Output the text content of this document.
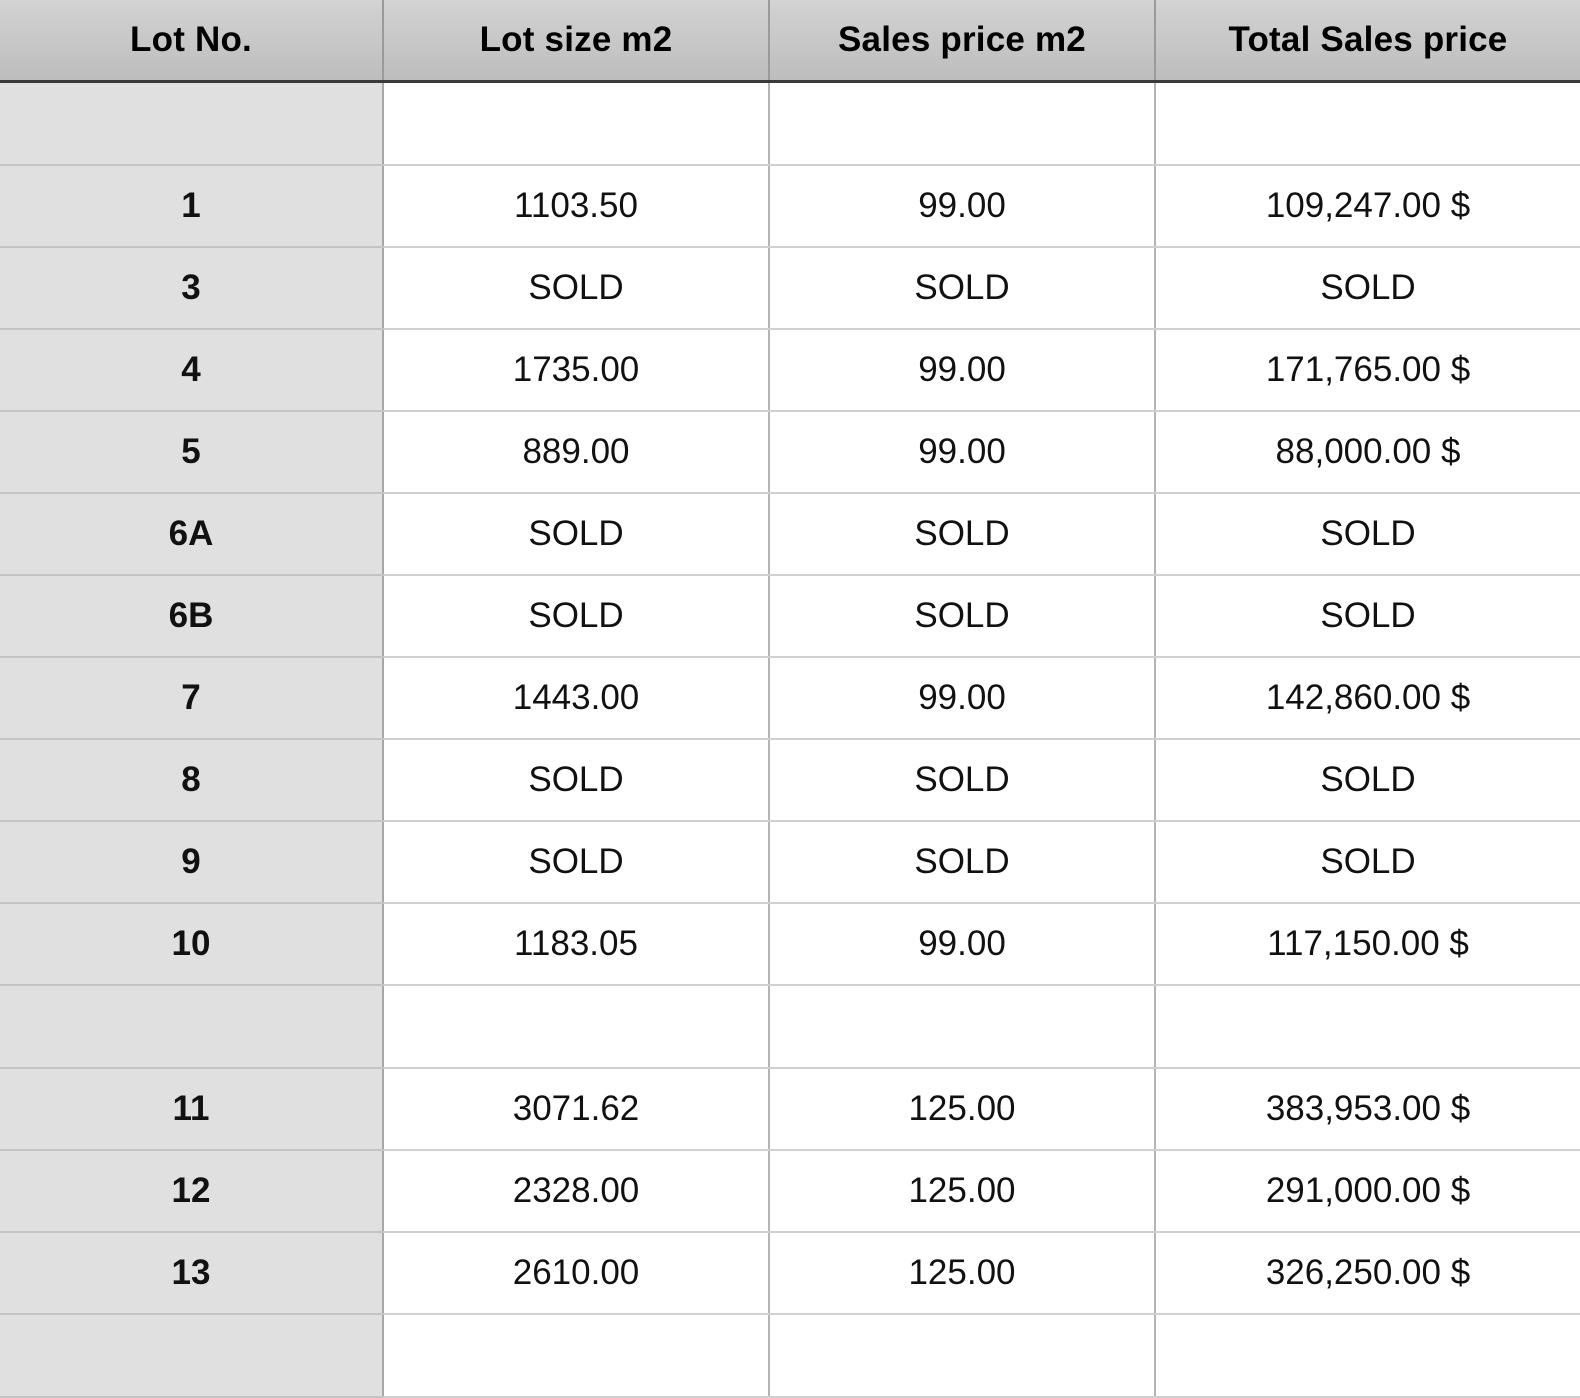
Lot No.	Lot size m2	Sales price m2	Total Sales price

1	1103.50	99.00	109,247.00 $
3	SOLD	SOLD	SOLD
4	1735.00	99.00	171,765.00 $
5	889.00	99.00	88,000.00 $
6A	SOLD	SOLD	SOLD
6B	SOLD	SOLD	SOLD
7	1443.00	99.00	142,860.00 $
8	SOLD	SOLD	SOLD
9	SOLD	SOLD	SOLD
10	1183.05	99.00	117,150.00 $

11	3071.62	125.00	383,953.00 $
12	2328.00	125.00	291,000.00 $
13	2610.00	125.00	326,250.00 $
